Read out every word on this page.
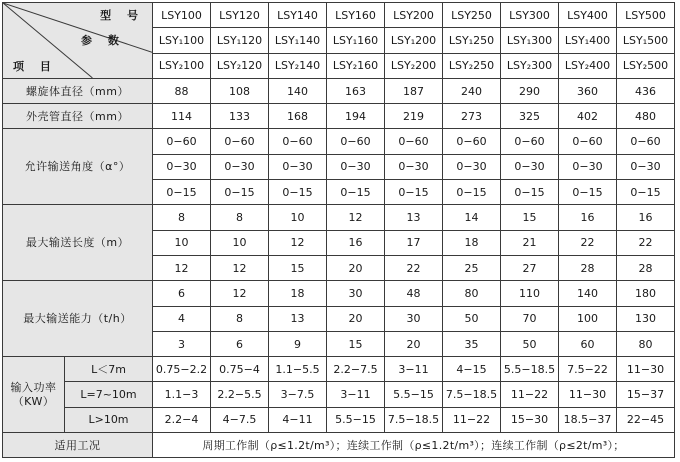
型 号
参 数
项 目		LSY100	LSY120	LSY140	LSY160	LSY200	LSY250	LSY300	LSY400	LSY500
		LSY₁100	LSY₁120	LSY₁140	LSY₁160	LSY₁200	LSY₁250	LSY₁300	LSY₁400	LSY₁500
		LSY₂100	LSY₂120	LSY₂140	LSY₂160	LSY₂200	LSY₂250	LSY₂300	LSY₂400	LSY₂500
螺旋体直径（mm）		88	108	140	163	187	240	290	360	436
外壳管直径（mm）		114	133	168	194	219	273	325	402	480
允许输送角度（α°）		0−60	0−60	0−60	0−60	0−60	0−60	0−60	0−60	0−60
		0−30	0−30	0−30	0−30	0−30	0−30	0−30	0−30	0−30
		0−15	0−15	0−15	0−15	0−15	0−15	0−15	0−15	0−15
最大输送长度（m）		8	8	10	12	13	14	15	16	16
		10	10	12	16	17	18	21	22	22
		12	12	15	20	22	25	27	28	28
最大输送能力（t/h）		6	12	18	30	48	80	110	140	180
		4	8	13	20	30	50	70	100	130
		3	6	9	15	20	35	50	60	80

输入功率
（KW）	L＜7m	0.75−2.2	0.75−4	1.1−5.5	2.2−7.5	3−11	4−15	5.5−18.5	7.5−22	11−30
	L=7~10m	1.1−3	2.2−5.5	3−7.5	3−11	5.5−15	7.5−18.5	11−22	11−30	15−37
	L>10m	2.2−4	4−7.5	4−11	5.5−15	7.5−18.5	11−22	15−30	18.5−37	22−45
适用工况		周期工作制（ρ≤1.2t/m³）；连续工作制（ρ≤1.2t/m³）；连续工作制（ρ≤2t/m³）；								
